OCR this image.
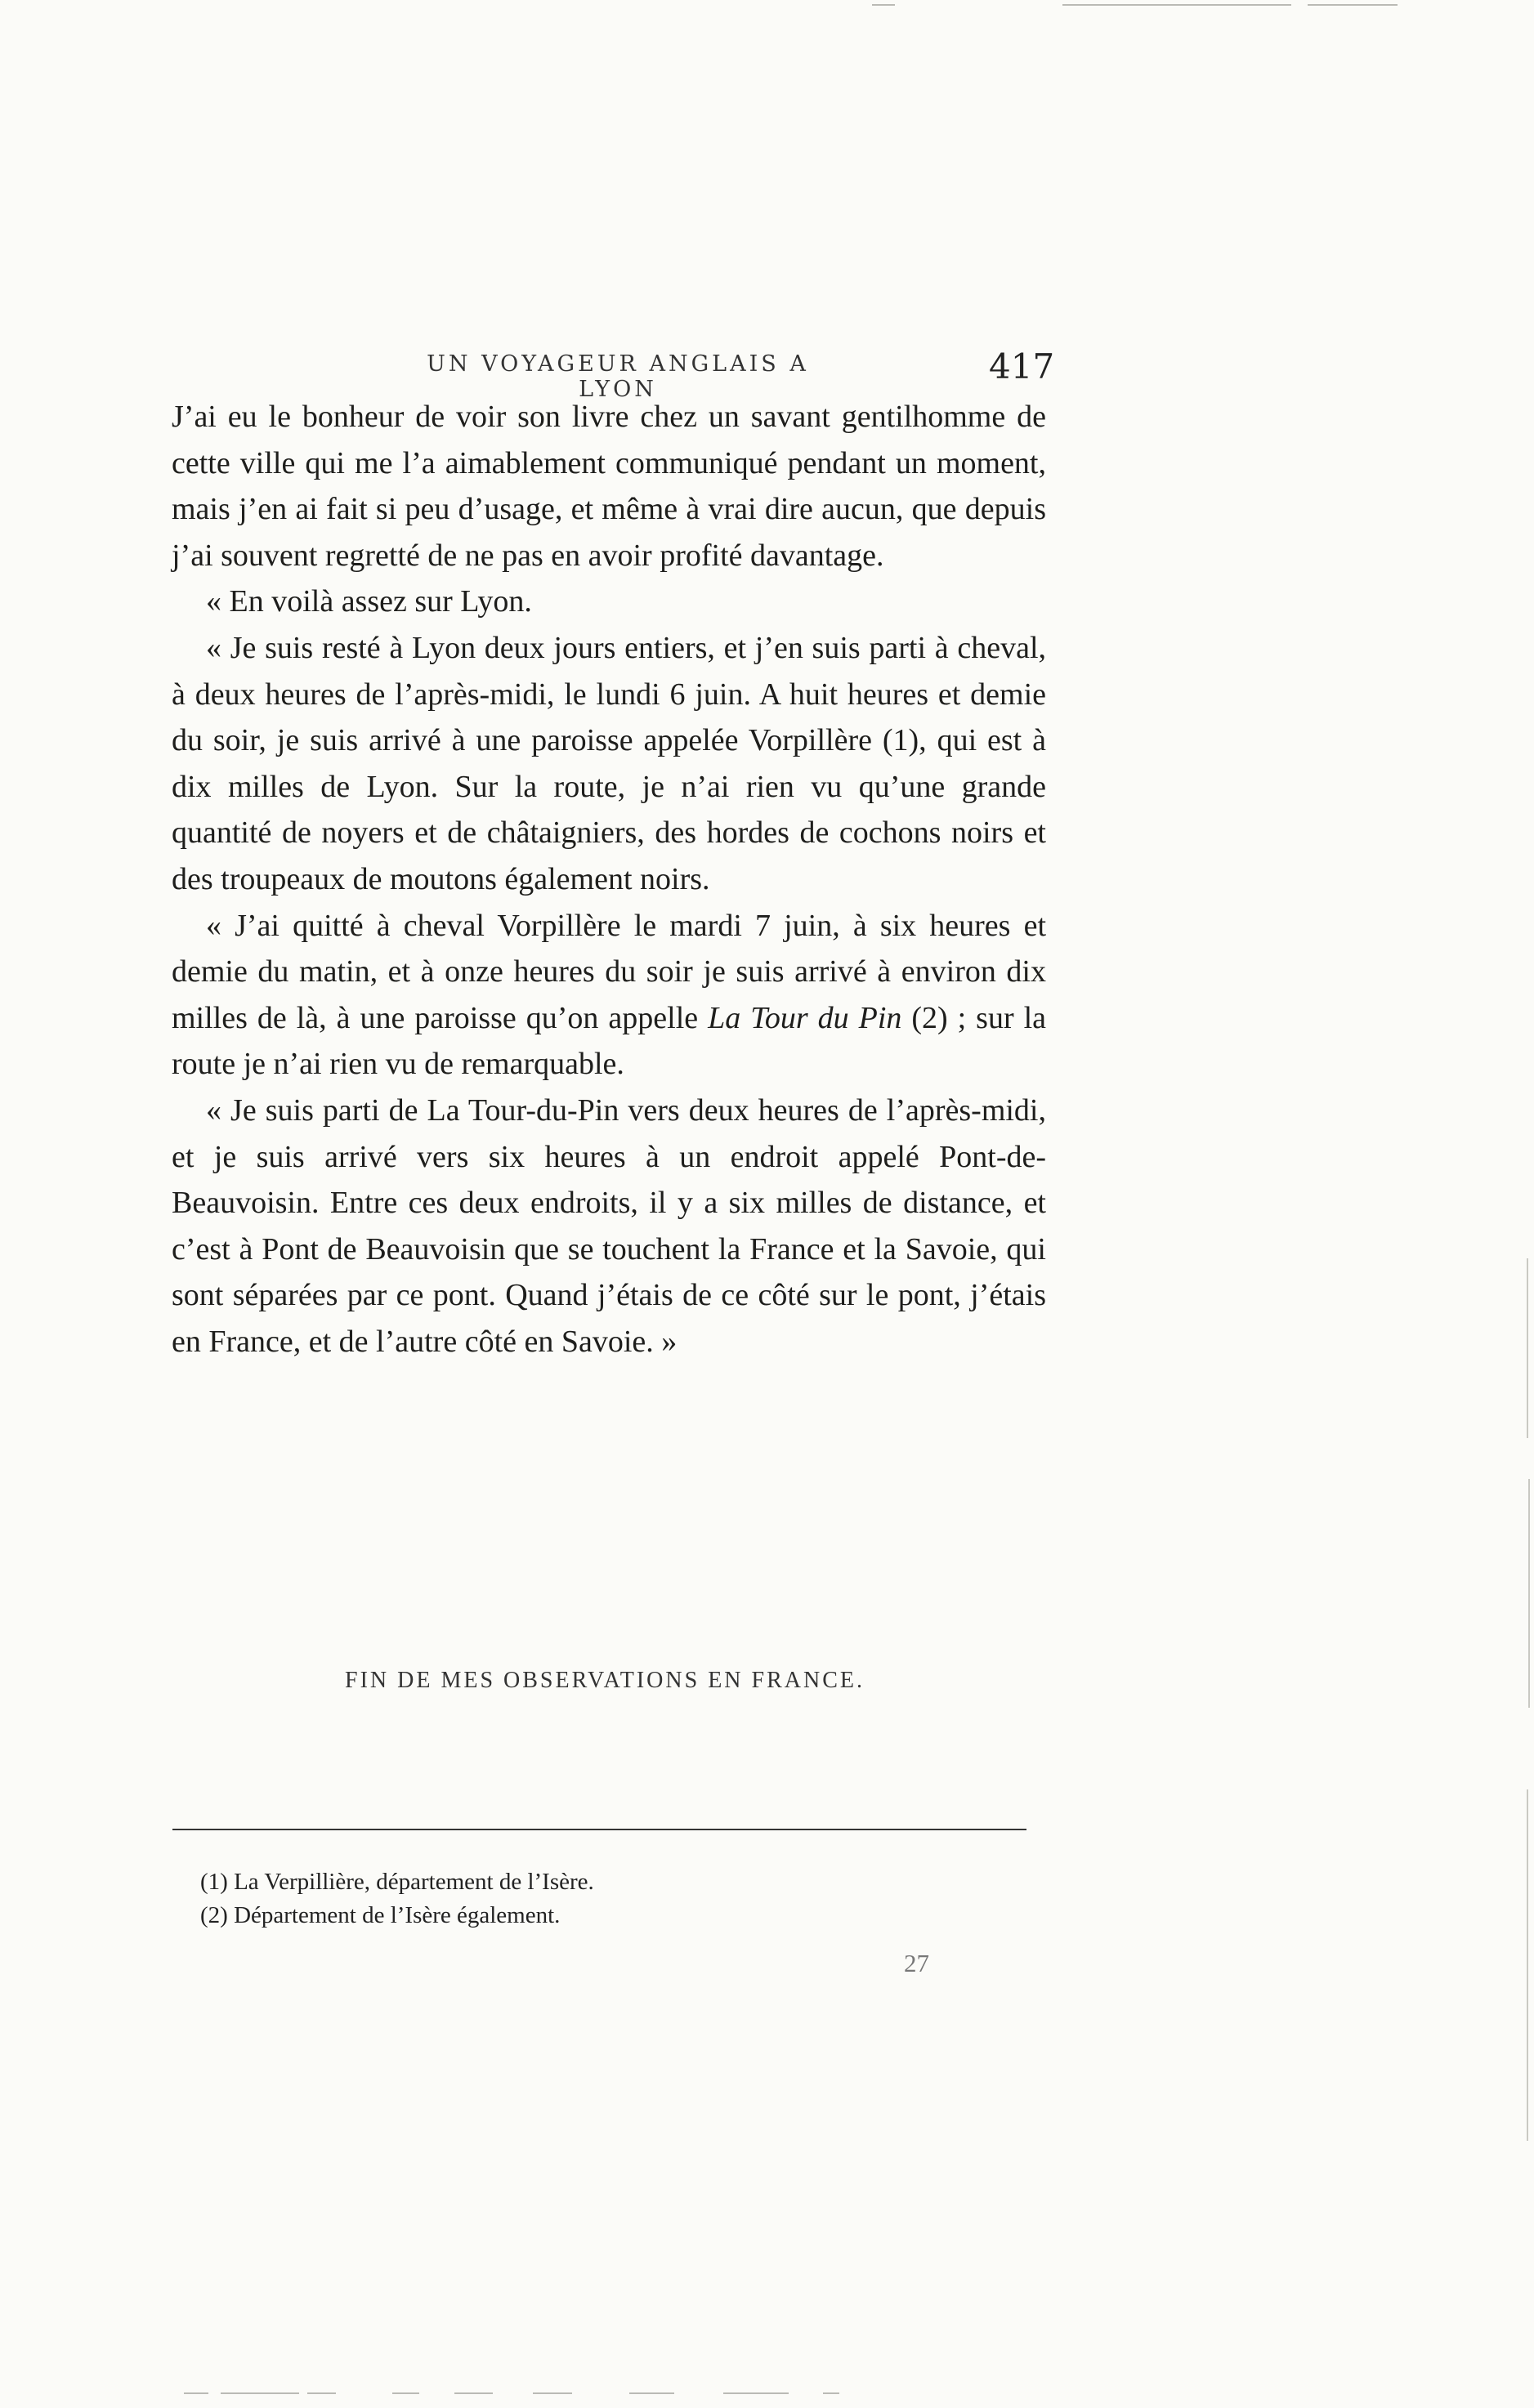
UN VOYAGEUR ANGLAIS A LYON
417

J’ai eu le bonheur de voir son livre chez un savant gentilhomme de cette ville qui me l’a aimablement communiqué pendant un moment, mais j’en ai fait si peu d’usage, et même à vrai dire aucun, que depuis j’ai souvent regretté de ne pas en avoir profité davantage.

« En voilà assez sur Lyon.

« Je suis resté à Lyon deux jours entiers, et j’en suis parti à cheval, à deux heures de l’après-midi, le lundi 6 juin. A huit heures et demie du soir, je suis arrivé à une paroisse appelée Vorpillère (1), qui est à dix milles de Lyon. Sur la route, je n’ai rien vu qu’une grande quantité de noyers et de châtaigniers, des hordes de cochons noirs et des troupeaux de moutons également noirs.

« J’ai quitté à cheval Vorpillère le mardi 7 juin, à six heures et demie du matin, et à onze heures du soir je suis arrivé à environ dix milles de là, à une paroisse qu’on appelle La Tour du Pin (2) ; sur la route je n’ai rien vu de remarquable.

« Je suis parti de La Tour-du-Pin vers deux heures de l’après-midi, et je suis arrivé vers six heures à un endroit appelé Pont-de-Beauvoisin. Entre ces deux endroits, il y a six milles de distance, et c’est à Pont de Beauvoisin que se touchent la France et la Savoie, qui sont séparées par ce pont. Quand j’étais de ce côté sur le pont, j’étais en France, et de l’autre côté en Savoie. »

FIN DE MES OBSERVATIONS EN FRANCE.

(1) La Verpillière, département de l’Isère.

(2) Département de l’Isère également.

27
